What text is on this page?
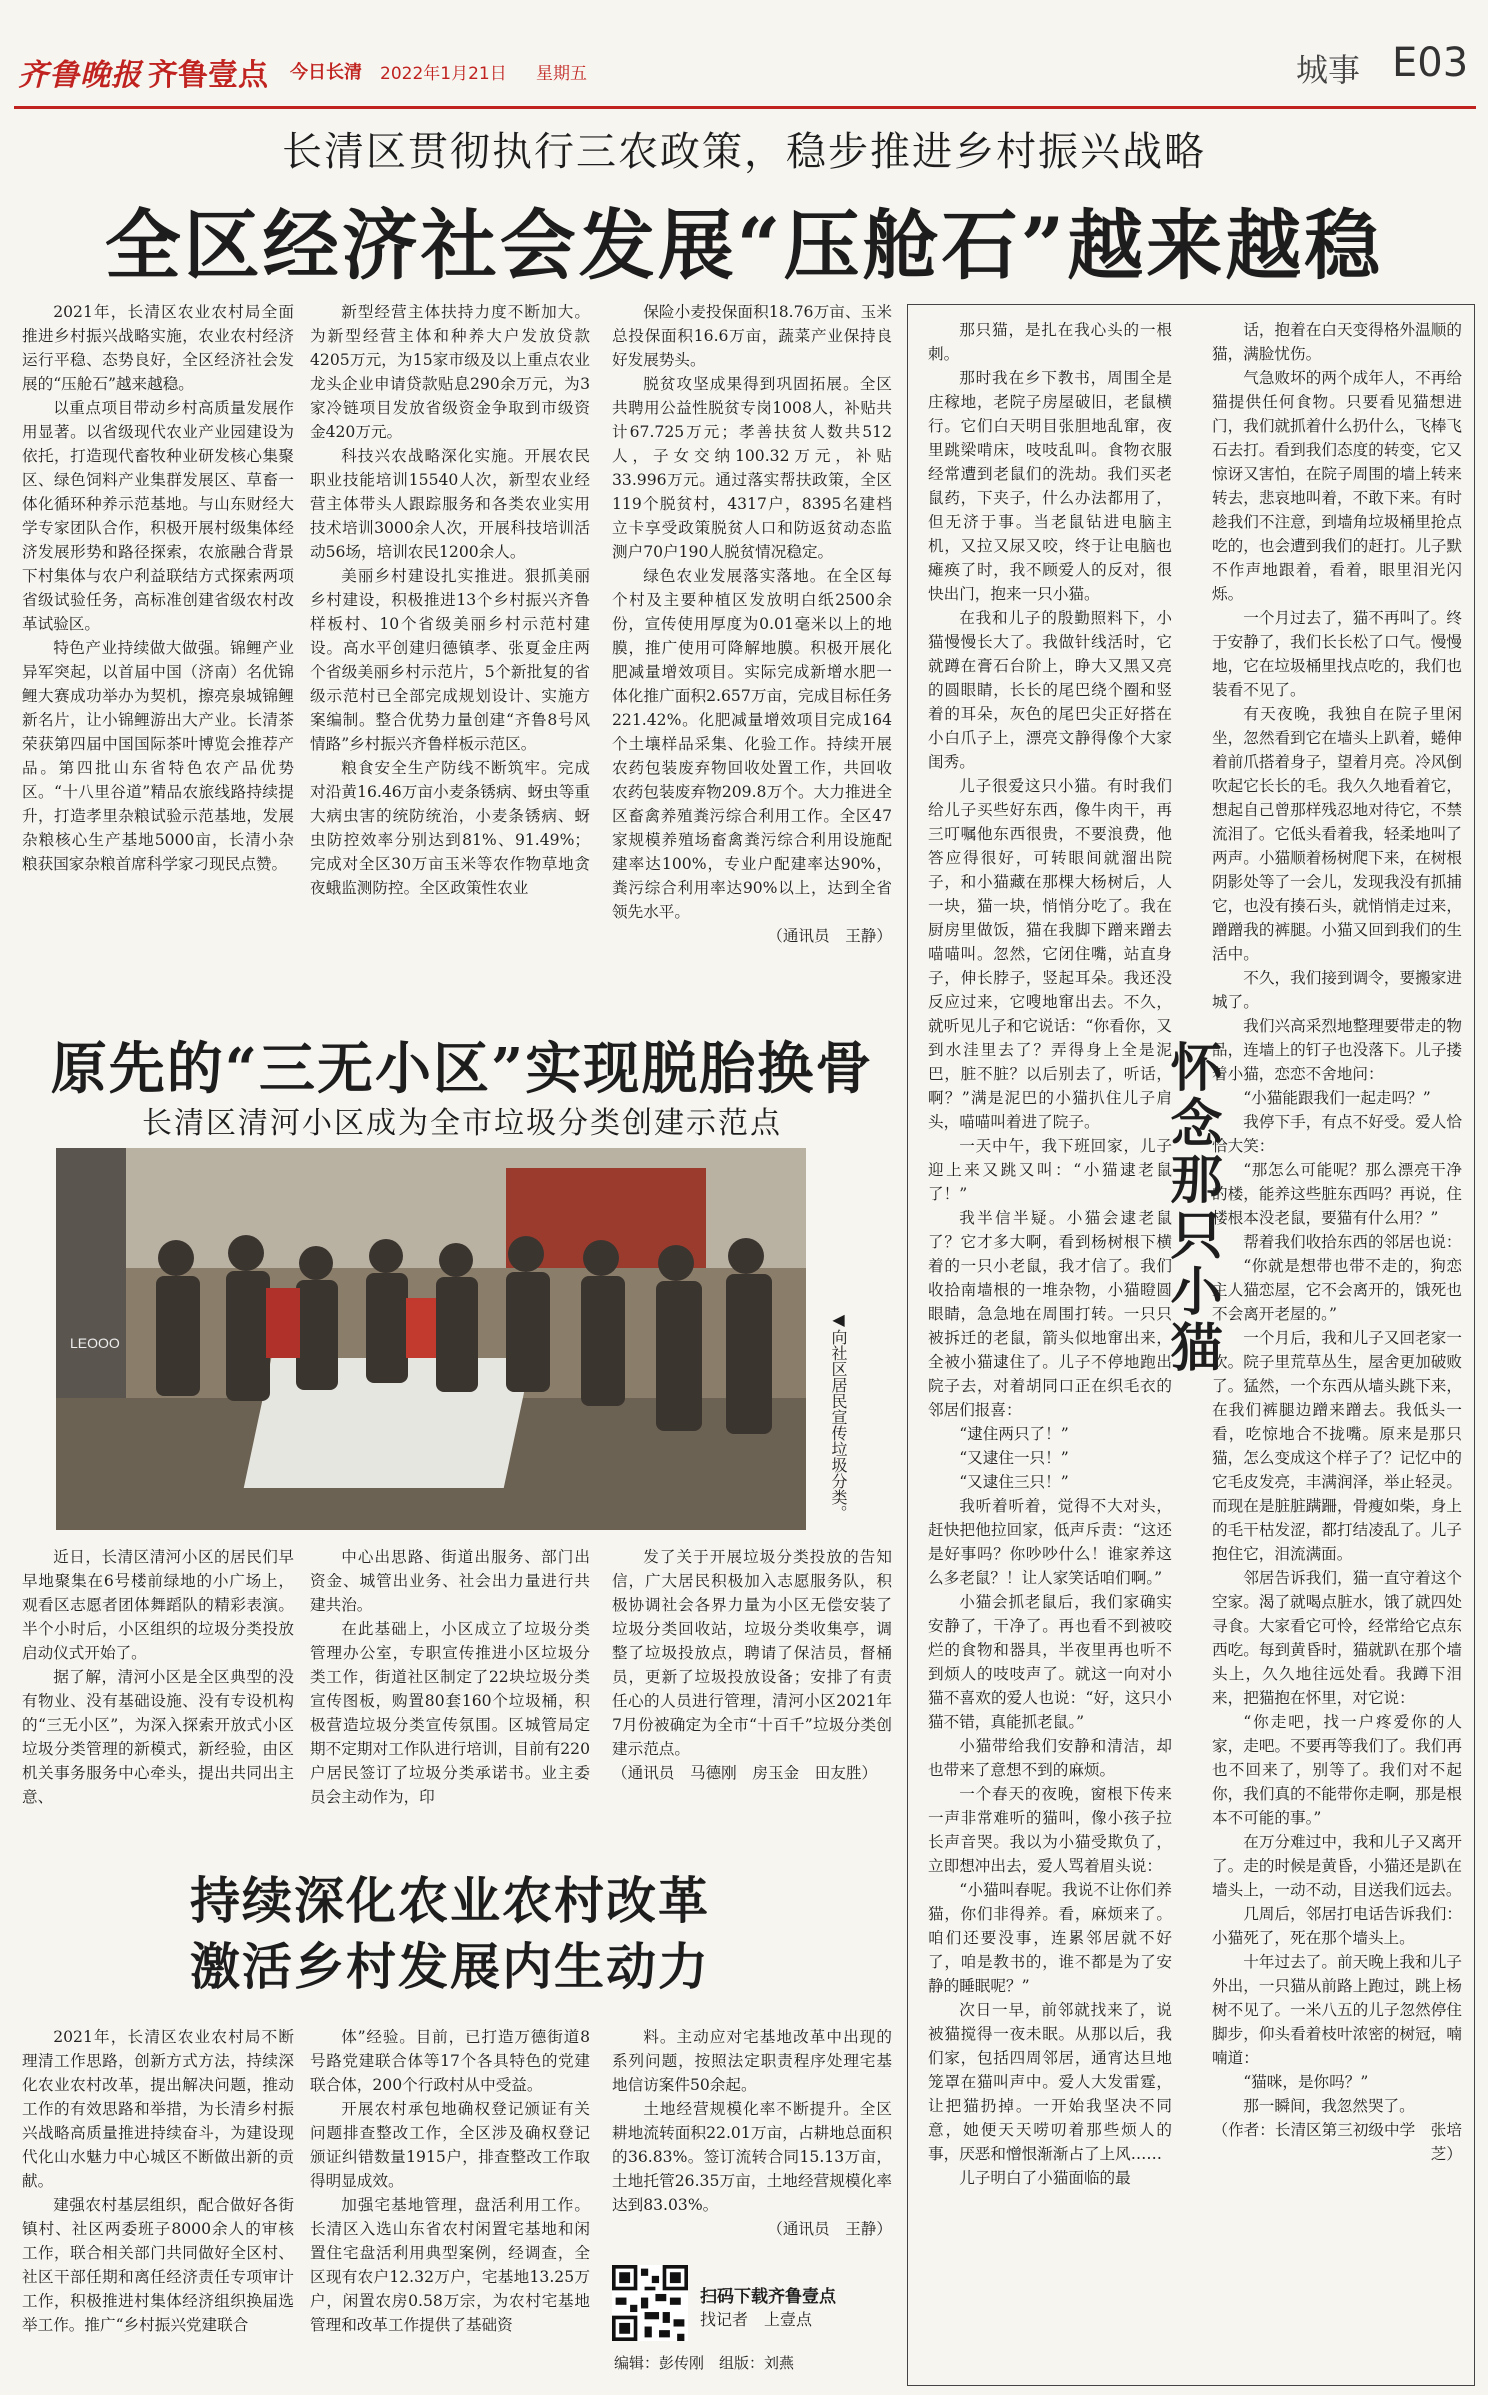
齐鲁晚报 齐鲁壹点 今日长清 2022年1月21日 星期五	城事 E03
长清区贯彻执行三农政策，稳步推进乡村振兴战略
全区经济社会发展“压舱石”越来越稳

2021年，长清区农业农村局全面推进乡村振兴战略实施，农业农村经济运行平稳、态势良好，全区经济社会发展的“压舱石”越来越稳。

以重点项目带动乡村高质量发展作用显著。以省级现代农业产业园建设为依托，打造现代畜牧种业研发核心集聚区、绿色饲料产业集群发展区、草畜一体化循环种养示范基地。与山东财经大学专家团队合作，积极开展村级集体经济发展形势和路径探索，农旅融合背景下村集体与农户利益联结方式探索两项省级试验任务，高标准创建省级农村改革试验区。

特色产业持续做大做强。锦鲤产业异军突起，以首届中国（济南）名优锦鲤大赛成功举办为契机，擦亮泉城锦鲤新名片，让小锦鲤游出大产业。长清茶荣获第四届中国国际茶叶博览会推荐产品。第四批山东省特色农产品优势区。“十八里谷道”精品农旅线路持续提升，打造孝里杂粮试验示范基地，发展杂粮核心生产基地5000亩，长清小杂粮获国家杂粮首席科学家刁现民点赞。

新型经营主体扶持力度不断加大。为新型经营主体和种养大户发放贷款4205万元，为15家市级及以上重点农业龙头企业申请贷款贴息290余万元，为3家冷链项目发放省级资金争取到市级资金420万元。

科技兴农战略深化实施。开展农民职业技能培训15540人次，新型农业经营主体带头人跟踪服务和各类农业实用技术培训3000余人次，开展科技培训活动56场，培训农民1200余人。

美丽乡村建设扎实推进。狠抓美丽乡村建设，积极推进13个乡村振兴齐鲁样板村、10个省级美丽乡村示范村建设。高水平创建归德镇孝、张夏金庄两个省级美丽乡村示范片，5个新批复的省级示范村已全部完成规划设计、实施方案编制。整合优势力量创建“齐鲁8号风情路”乡村振兴齐鲁样板示范区。

粮食安全生产防线不断筑牢。完成对沿黄16.46万亩小麦条锈病、蚜虫等重大病虫害的统防统治，小麦条锈病、蚜虫防控效率分别达到81%、91.49%；完成对全区30万亩玉米等农作物草地贪夜蛾监测防控。全区政策性农业

保险小麦投保面积18.76万亩、玉米总投保面积16.6万亩，蔬菜产业保持良好发展势头。

脱贫攻坚成果得到巩固拓展。全区共聘用公益性脱贫专岗1008人，补贴共计67.725万元；孝善扶贫人数共512人，子女交纳100.32万元，补贴33.996万元。通过落实帮扶政策，全区119个脱贫村，4317户，8395名建档立卡享受政策脱贫人口和防返贫动态监测户70户190人脱贫情况稳定。

绿色农业发展落实落地。在全区每个村及主要种植区发放明白纸2500余份，宣传使用厚度为0.01毫米以上的地膜，推广使用可降解地膜。积极开展化肥减量增效项目。实际完成新增水肥一体化推广面积2.657万亩，完成目标任务221.42%。化肥减量增效项目完成164个土壤样品采集、化验工作。持续开展农药包装废弃物回收处置工作，共回收农药包装废弃物209.8万个。大力推进全区畜禽养殖粪污综合利用工作。全区47家规模养殖场畜禽粪污综合利用设施配建率达100%，专业户配建率达90%，粪污综合利用率达90%以上，达到全省领先水平。

（通讯员　王静）

原先的“三无小区”实现脱胎换骨
长清区清河小区成为全市垃圾分类创建示范点
LEOOO	◀向社区居民宣传垃圾分类。

近日，长清区清河小区的居民们早早地聚集在6号楼前绿地的小广场上，观看区志愿者团体舞蹈队的精彩表演。半个小时后，小区组织的垃圾分类投放启动仪式开始了。

据了解，清河小区是全区典型的没有物业、没有基础设施、没有专设机构的“三无小区”，为深入探索开放式小区垃圾分类管理的新模式，新经验，由区机关事务服务中心牵头，提出共同出主意、

中心出思路、街道出服务、部门出资金、城管出业务、社会出力量进行共建共治。

在此基础上，小区成立了垃圾分类管理办公室，专职宣传推进小区垃圾分类工作，街道社区制定了22块垃圾分类宣传图板，购置80套160个垃圾桶，积极营造垃圾分类宣传氛围。区城管局定期不定期对工作队进行培训，目前有220户居民签订了垃圾分类承诺书。业主委员会主动作为，印

发了关于开展垃圾分类投放的告知信，广大居民积极加入志愿服务队，积极协调社会各界力量为小区无偿安装了垃圾分类回收站，垃圾分类收集亭，调整了垃圾投放点，聘请了保洁员，督桶员，更新了垃圾投放设备；安排了有责任心的人员进行管理，清河小区2021年7月份被确定为全市“十百千”垃圾分类创建示范点。

（通讯员　马德刚　房玉金　田友胜）

持续深化农业农村改革
激活乡村发展内生动力

2021年，长清区农业农村局不断理清工作思路，创新方式方法，持续深化农业农村改革，提出解决问题，推动工作的有效思路和举措，为长清乡村振兴战略高质量推进持续奋斗，为建设现代化山水魅力中心城区不断做出新的贡献。

建强农村基层组织，配合做好各街镇村、社区两委班子8000余人的审核工作，联合相关部门共同做好全区村、社区干部任期和离任经济责任专项审计工作，积极推进村集体经济组织换届选举工作。推广“乡村振兴党建联合

体”经验。目前，已打造万德街道8号路党建联合体等17个各具特色的党建联合体，200个行政村从中受益。

开展农村承包地确权登记颁证有关问题排查整改工作，全区涉及确权登记颁证纠错数量1915户，排查整改工作取得明显成效。

加强宅基地管理，盘活利用工作。长清区入选山东省农村闲置宅基地和闲置住宅盘活利用典型案例，经调查，全区现有农户12.32万户，宅基地13.25万户，闲置农房0.58万宗，为农村宅基地管理和改革工作提供了基础资

料。主动应对宅基地改革中出现的系列问题，按照法定职责程序处理宅基地信访案件50余起。

土地经营规模化率不断提升。全区耕地流转面积22.01万亩，占耕地总面积的36.83%。签订流转合同15.13万亩，土地托管26.35万亩，土地经营规模化率达到83.03%。

（通讯员　王静）

扫码下载齐鲁壹点
找记者　上壹点
编辑：彭传刚　组版：刘燕

那只猫，是扎在我心头的一根刺。

那时我在乡下教书，周围全是庄稼地，老院子房屋破旧，老鼠横行。它们白天明目张胆地乱窜，夜里跳梁啃床，吱吱乱叫。食物衣服经常遭到老鼠们的洗劫。我们买老鼠药，下夹子，什么办法都用了，但无济于事。当老鼠钻进电脑主机，又拉又尿又咬，终于让电脑也瘫痪了时，我不顾爱人的反对，很快出门，抱来一只小猫。

在我和儿子的殷勤照料下，小猫慢慢长大了。我做针线活时，它就蹲在膏石台阶上，睁大又黑又亮的圆眼睛，长长的尾巴绕个圈和竖着的耳朵，灰色的尾巴尖正好搭在小白爪子上，漂亮文静得像个大家闺秀。

儿子很爱这只小猫。有时我们给儿子买些好东西，像牛肉干，再三叮嘱他东西很贵，不要浪费，他答应得很好，可转眼间就溜出院子，和小猫藏在那棵大杨树后，人一块，猫一块，悄悄分吃了。我在厨房里做饭，猫在我脚下蹭来蹭去喵喵叫。忽然，它闭住嘴，站直身子，伸长脖子，竖起耳朵。我还没反应过来，它嗖地窜出去。不久，就听见儿子和它说话：“你看你，又到水洼里去了？弄得身上全是泥巴，脏不脏？以后别去了，听话，啊？”满是泥巴的小猫扒住儿子肩头，喵喵叫着进了院子。

一天中午，我下班回家，儿子迎上来又跳又叫：“小猫逮老鼠了！”

我半信半疑。小猫会逮老鼠了？它才多大啊，看到杨树根下横着的一只小老鼠，我才信了。我们收拾南墙根的一堆杂物，小猫瞪圆眼睛，急急地在周围打转。一只只被拆迁的老鼠，箭头似地窜出来，全被小猫逮住了。儿子不停地跑出院子去，对着胡同口正在织毛衣的邻居们报喜：

“逮住两只了！”

“又逮住一只！”

“又逮住三只！”

我听着听着，觉得不大对头，赶快把他拉回家，低声斥责：“这还是好事吗？你吵吵什么！谁家养这么多老鼠？！让人家笑话咱们啊。”

小猫会抓老鼠后，我们家确实安静了，干净了。再也看不到被咬烂的食物和器具，半夜里再也听不到烦人的吱吱声了。就这一向对小猫不喜欢的爱人也说：“好，这只小猫不错，真能抓老鼠。”

小猫带给我们安静和清洁，却也带来了意想不到的麻烦。

一个春天的夜晚，窗根下传来一声非常难听的猫叫，像小孩子拉长声音哭。我以为小猫受欺负了，立即想冲出去，爱人骂着眉头说：

“小猫叫春呢。我说不让你们养猫，你们非得养。看，麻烦来了。咱们还要没事，连累邻居就不好了，咱是教书的，谁不都是为了安静的睡眠呢？”

次日一早，前邻就找来了，说被猫搅得一夜未眠。从那以后，我们家，包括四周邻居，通宵达旦地笼罩在猫叫声中。爱人大发雷霆，让把猫扔掉。一开始我坚决不同意，她便天天唠叨着那些烦人的事，厌恶和憎恨渐渐占了上风……

儿子明白了小猫面临的最

怀念那只小猫

话，抱着在白天变得格外温顺的猫，满脸忧伤。

气急败坏的两个成年人，不再给猫提供任何食物。只要看见猫想进门，我们就抓着什么扔什么，飞棒飞石去打。看到我们态度的转变，它又惊讶又害怕，在院子周围的墙上转来转去，悲哀地叫着，不敢下来。有时趁我们不注意，到墙角垃圾桶里抢点吃的，也会遭到我们的赶打。儿子默不作声地跟着，看着，眼里泪光闪烁。

一个月过去了，猫不再叫了。终于安静了，我们长长松了口气。慢慢地，它在垃圾桶里找点吃的，我们也装看不见了。

有天夜晚，我独自在院子里闲坐，忽然看到它在墙头上趴着，蜷伸着前爪搭着身子，望着月亮。冷风倒吹起它长长的毛。我久久地看着它，想起自己曾那样残忍地对待它，不禁流泪了。它低头看着我，轻柔地叫了两声。小猫顺着杨树爬下来，在树根阴影处等了一会儿，发现我没有抓捕它，也没有揍石头，就悄悄走过来，蹭蹭我的裤腿。小猫又回到我们的生活中。

不久，我们接到调令，要搬家进城了。

我们兴高采烈地整理要带走的物品，连墙上的钉子也没落下。儿子搂着小猫，恋恋不舍地问：

“小猫能跟我们一起走吗？”

我停下手，有点不好受。爱人恰恰大笑：

“那怎么可能呢？那么漂亮干净的楼，能养这些脏东西吗？再说，住楼根本没老鼠，要猫有什么用？”

帮着我们收拾东西的邻居也说：

“你就是想带也带不走的，狗恋主人猫恋屋，它不会离开的，饿死也不会离开老屋的。”

一个月后，我和儿子又回老家一次。院子里荒草丛生，屋舍更加破败了。猛然，一个东西从墙头跳下来，在我们裤腿边蹭来蹭去。我低头一看，吃惊地合不拢嘴。原来是那只猫，怎么变成这个样子了？记忆中的它毛皮发亮，丰满润泽，举止轻灵。而现在是脏脏蹒跚，骨瘦如柴，身上的毛干枯发涩，都打结凌乱了。儿子抱住它，泪流满面。

邻居告诉我们，猫一直守着这个空家。渴了就喝点脏水，饿了就四处寻食。大家看它可怜，经常给它点东西吃。每到黄昏时，猫就趴在那个墙头上，久久地往远处看。我蹲下泪来，把猫抱在怀里，对它说：

“你走吧，找一户疼爱你的人家，走吧。不要再等我们了。我们再也不回来了，别等了。我们对不起你，我们真的不能带你走啊，那是根本不可能的事。”

在万分难过中，我和儿子又离开了。走的时候是黄昏，小猫还是趴在墙头上，一动不动，目送我们远去。

几周后，邻居打电话告诉我们：小猫死了，死在那个墙头上。

十年过去了。前天晚上我和儿子外出，一只猫从前路上跑过，跳上杨树不见了。一米八五的儿子忽然停住脚步，仰头看着枝叶浓密的树冠，喃喃道：

“猫咪，是你吗？”

那一瞬间，我忽然哭了。

（作者：长清区第三初级中学　张培芝）
